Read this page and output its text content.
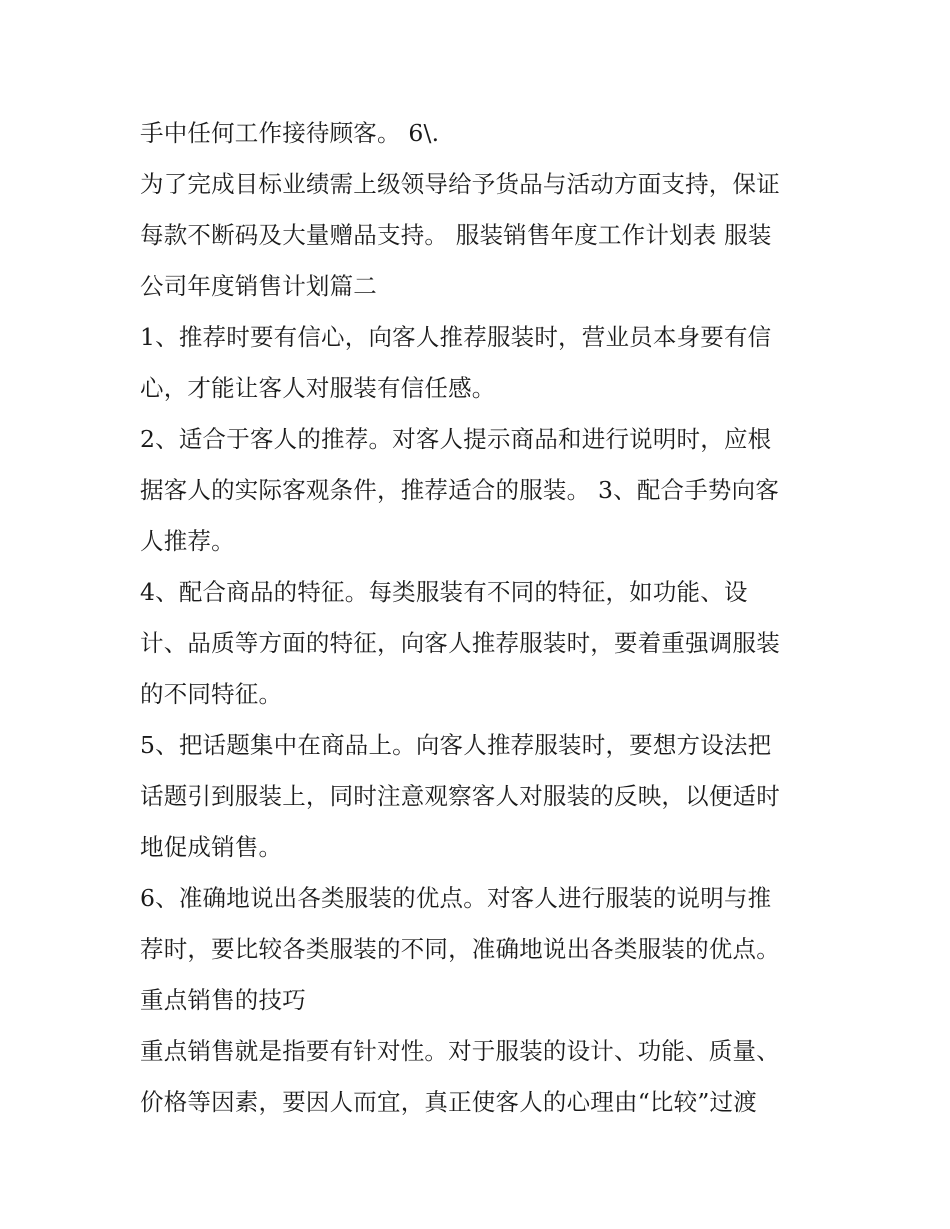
手中任何工作接待顾客。 6\.
为了完成目标业绩需上级领导给予货品与活动方面支持，保证
每款不断码及大量赠品支持。 服装销售年度工作计划表 服装
公司年度销售计划篇二
1、推荐时要有信心，向客人推荐服装时，营业员本身要有信
心，才能让客人对服装有信任感。
2、适合于客人的推荐。对客人提示商品和进行说明时，应根
据客人的实际客观条件，推荐适合的服装。 3、配合手势向客
人推荐。
4、配合商品的特征。每类服装有不同的特征，如功能、设
计、品质等方面的特征，向客人推荐服装时，要着重强调服装
的不同特征。
5、把话题集中在商品上。向客人推荐服装时，要想方设法把
话题引到服装上，同时注意观察客人对服装的反映，以便适时
地促成销售。
6、准确地说出各类服装的优点。对客人进行服装的说明与推
荐时，要比较各类服装的不同，准确地说出各类服装的优点。
重点销售的技巧
重点销售就是指要有针对性。对于服装的设计、功能、质量、
价格等因素，要因人而宜，真正使客人的心理由“比较”过渡
